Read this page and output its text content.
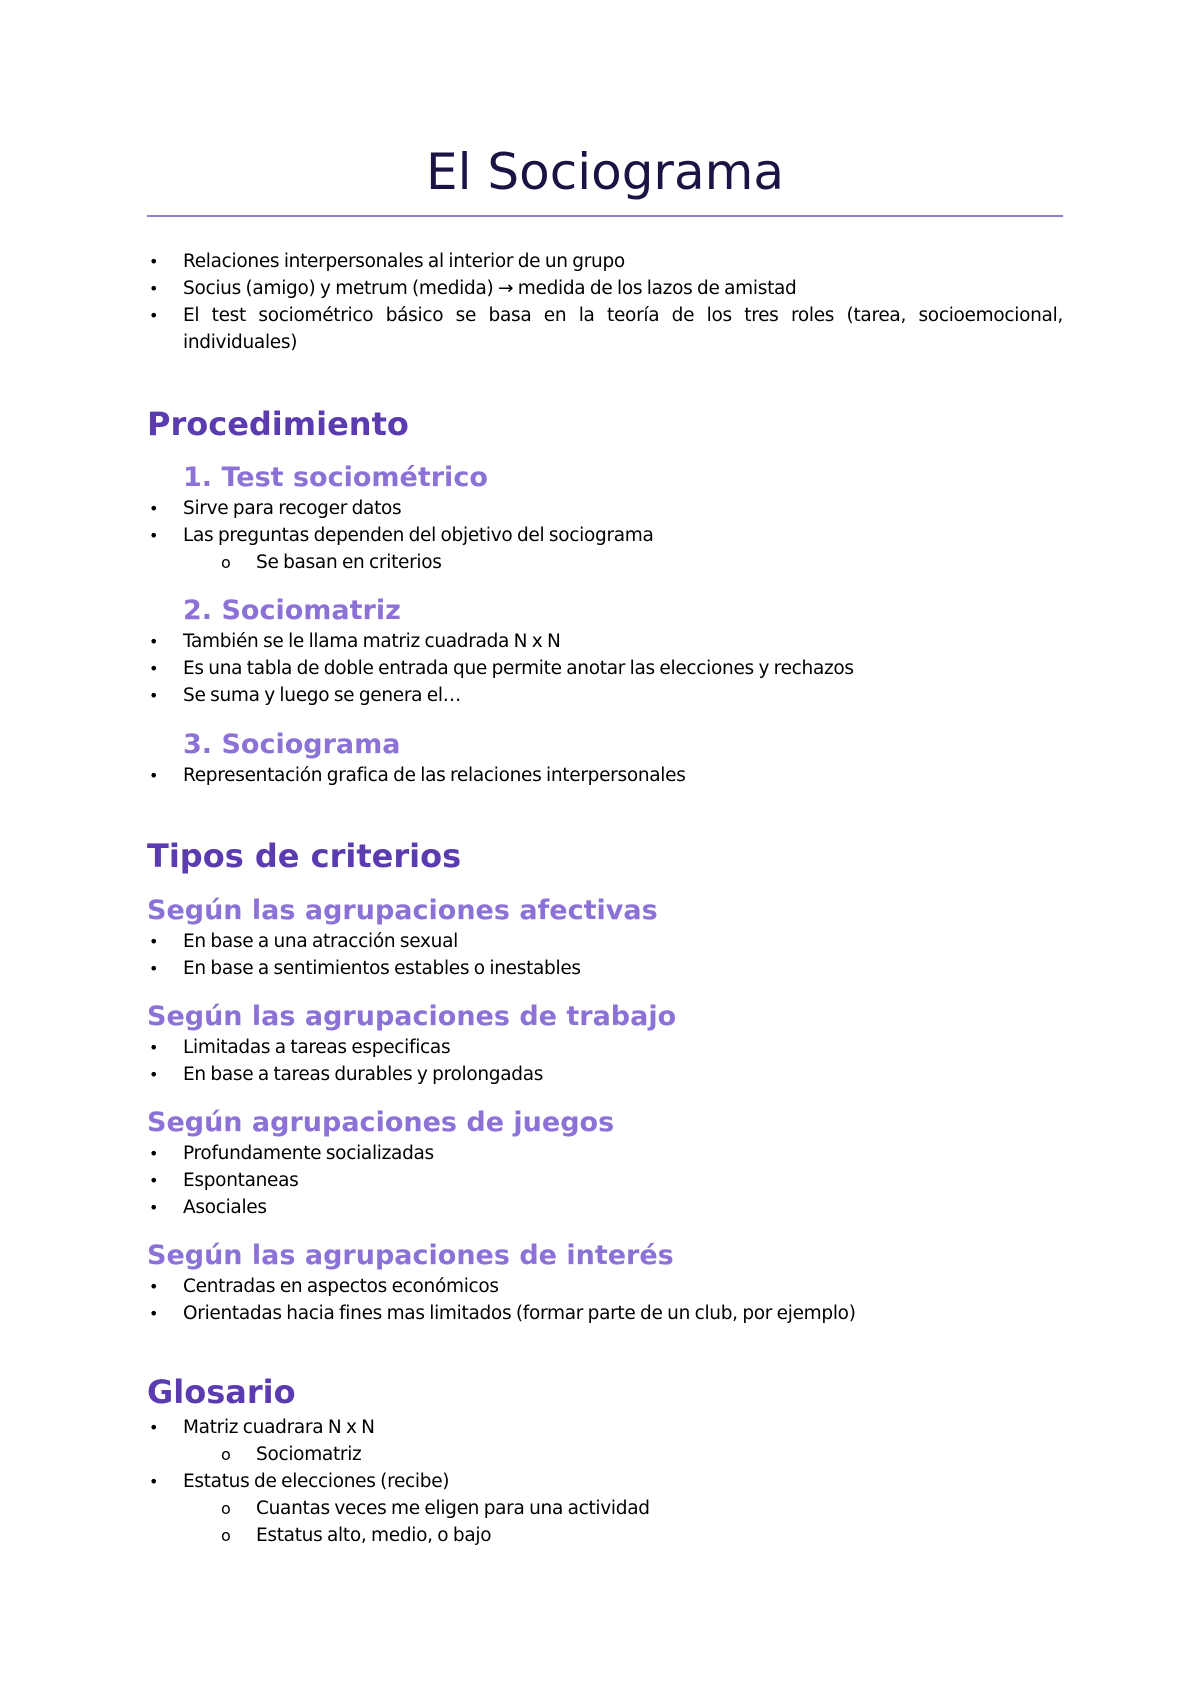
El Sociograma
• Relaciones interpersonales al interior de un grupo
• Socius (amigo) y metrum (medida) → medida de los lazos de amistad
• El test sociométrico básico se basa en la teoría de los tres roles (tarea, socioemocional, individuales)
Procedimiento
1. Test sociométrico
• Sirve para recoger datos
• Las preguntas dependen del objetivo del sociograma
o Se basan en criterios
2. Sociomatriz
• También se le llama matriz cuadrada N x N
• Es una tabla de doble entrada que permite anotar las elecciones y rechazos
• Se suma y luego se genera el…
3. Sociograma
• Representación grafica de las relaciones interpersonales
Tipos de criterios
Según las agrupaciones afectivas
• En base a una atracción sexual
• En base a sentimientos estables o inestables
Según las agrupaciones de trabajo
• Limitadas a tareas especificas
• En base a tareas durables y prolongadas
Según agrupaciones de juegos
• Profundamente socializadas
• Espontaneas
• Asociales
Según las agrupaciones de interés
• Centradas en aspectos económicos
• Orientadas hacia fines mas limitados (formar parte de un club, por ejemplo)
Glosario
• Matriz cuadrara N x N
o Sociomatriz
• Estatus de elecciones (recibe)
o Cuantas veces me eligen para una actividad
o Estatus alto, medio, o bajo
